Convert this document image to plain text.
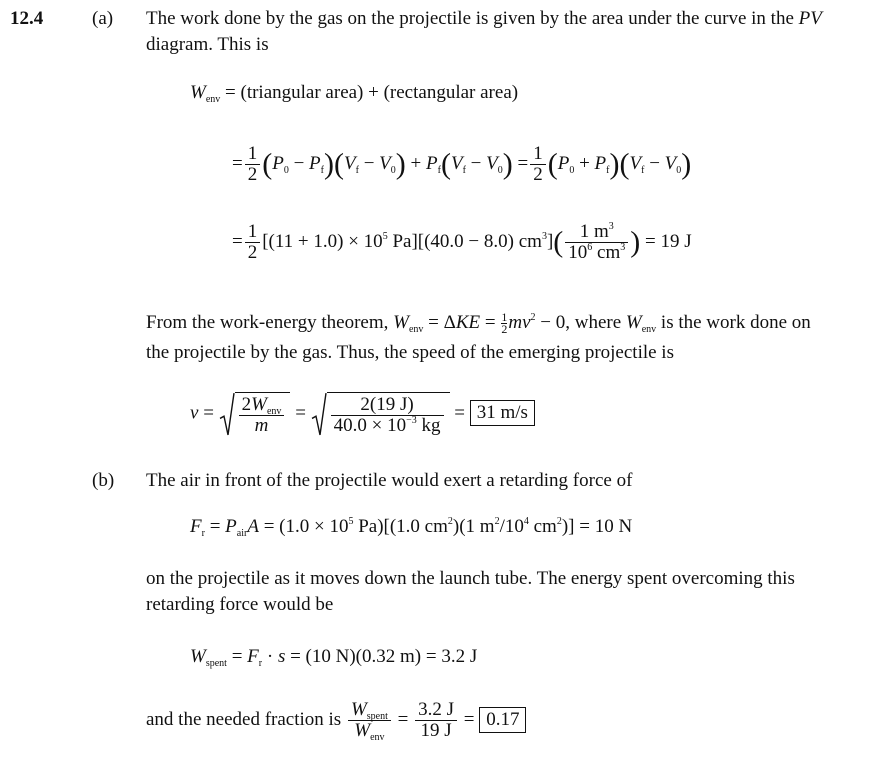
12.4	(a) The work done by the gas on the projectile is given by the area under the curve in the PV
diagram. This is
$W_{env}$ = (triangular area) + (rectangular area)
= $\frac{1}{2} (P_0 - P_f)(V_f - V_0) + P_f(V_f - V_0) = \frac{1}{2} (P_0 + P_f)(V_f - V_0)$
= $\frac{1}{2} [(11 + 1.0) \times 10^5$ Pa][(40.0 − 8.0) $cm^3]( \frac{1 m^3}{10^6 cm^3}$ ) = 19 J
From the work-energy theorem, $W_{env} = \Delta KE = \frac{1}{2} mv^2 - 0$, where $W_{env}$ is the work done on
the projectile by the gas. Thus, the speed of the emerging projectile is
$v = \frac{2W_{env}}{m} = \frac{2(19 J)}{40.0 \times 10^{-3} kg} = 31$ m/s
(b) The air in front of the projectile would exert a retarding force of
$F_r = P_{air}A = (1.0 \times 10^5$ Pa)[(1.0 $cm^2)(1$ $m^2/10^4$ $cm^2)] = 10$ N
on the projectile as it moves down the launch tube. The energy spent overcoming this
retarding force would be
$W_{spent} = F_r \cdot s = (10$ N)(0.32 m) = 3.2 J
and the needed fraction is $\frac{W_{spent}}{W_{env}} = \frac{3.2 J}{19 J} = 0.17$
